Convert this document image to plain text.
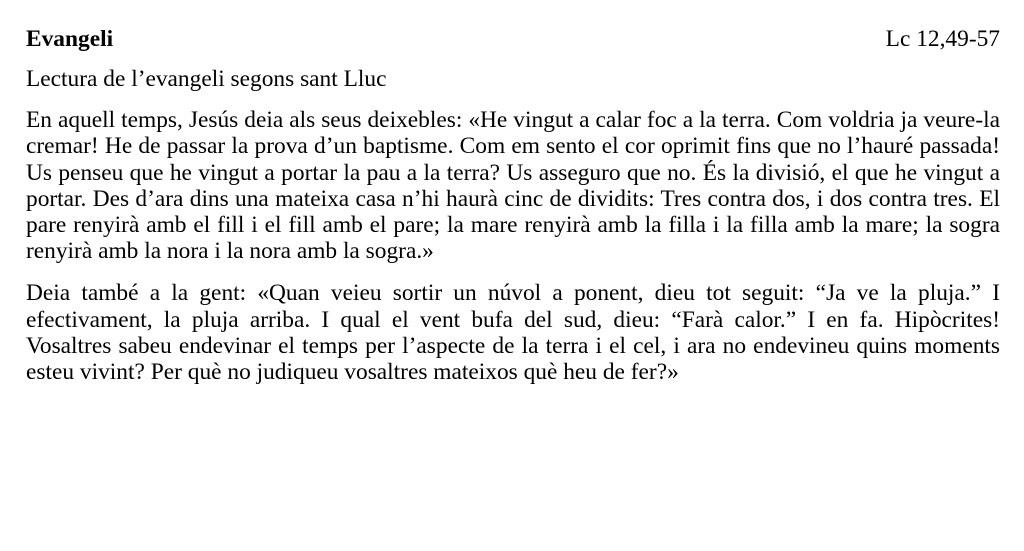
Evangeli	Lc 12,49-57
Lectura de l’evangeli segons sant Lluc

En aquell temps, Jesús deia als seus deixebles: «He vingut a calar foc a la terra. Com voldria ja veure-la cremar! He de passar la prova d’un baptisme. Com em sento el cor oprimit fins que no l’hauré passada! Us penseu que he vingut a portar la pau a la terra? Us asseguro que no. És la divisió, el que he vingut a portar. Des d’ara dins una mateixa casa n’hi haurà cinc de dividits: Tres contra dos, i dos contra tres. El pare renyirà amb el fill i el fill amb el pare; la mare renyirà amb la filla i la filla amb la mare; la sogra renyirà amb la nora i la nora amb la sogra.»

Deia també a la gent: «Quan veieu sortir un núvol a ponent, dieu tot seguit: “Ja ve la pluja.” I efectivament, la pluja arriba. I qual el vent bufa del sud, dieu: “Farà calor.” I en fa. Hipòcrites! Vosaltres sabeu endevinar el temps per l’aspecte de la terra i el cel, i ara no endevineu quins moments esteu vivint? Per què no judiqueu vosaltres mateixos què heu de fer?»
